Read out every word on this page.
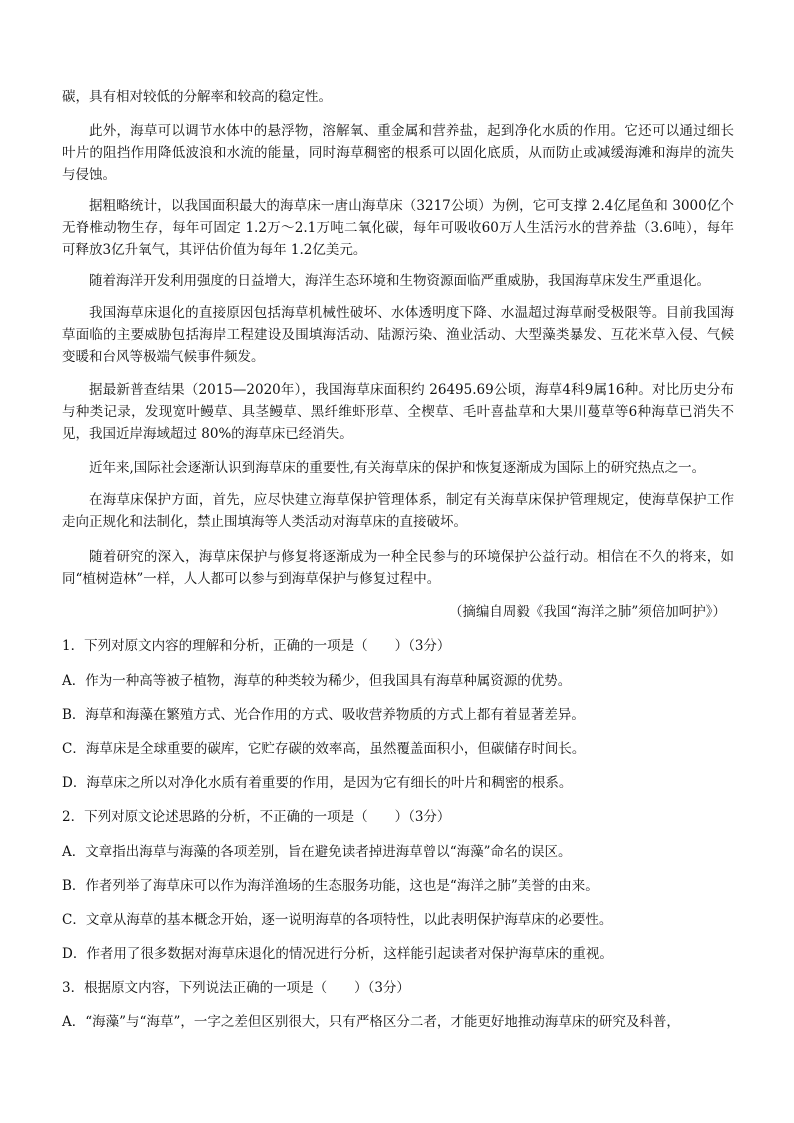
碳，具有相对较低的分解率和较高的稳定性。
此外，海草可以调节水体中的悬浮物，溶解氧、重金属和营养盐，起到净化水质的作用。它还可以通过细长叶片的阻挡作用降低波浪和水流的能量，同时海草稠密的根系可以固化底质，从而防止或减缓海滩和海岸的流失与侵蚀。
据粗略统计，以我国面积最大的海草床一唐山海草床（3217公顷）为例，它可支撑 2.4亿尾鱼和 3000亿个无脊椎动物生存，每年可固定 1.2万～2.1万吨二氧化碳，每年可吸收60万人生活污水的营养盐（3.6吨），每年可释放3亿升氧气，其评估价值为每年 1.2亿美元。
随着海洋开发利用强度的日益增大，海洋生态环境和生物资源面临严重威胁，我国海草床发生严重退化。
我国海草床退化的直接原因包括海草机械性破坏、水体透明度下降、水温超过海草耐受极限等。目前我国海草面临的主要威胁包括海岸工程建设及围填海活动、陆源污染、渔业活动、大型藻类暴发、互花米草入侵、气候变暖和台风等极端气候事件频发。
据最新普查结果（2015—2020年），我国海草床面积约 26495.69公顷，海草4科9属16种。对比历史分布与种类记录，发现宽叶鳗草、具茎鳗草、黑纤维虾形草、全楔草、毛叶喜盐草和大果川蔓草等6种海草已消失不见，我国近岸海域超过 80%的海草床已经消失。
近年来,国际社会逐渐认识到海草床的重要性,有关海草床的保护和恢复逐渐成为国际上的研究热点之一。
在海草床保护方面，首先，应尽快建立海草保护管理体系，制定有关海草床保护管理规定，使海草保护工作走向正规化和法制化，禁止围填海等人类活动对海草床的直接破坏。
随着研究的深入，海草床保护与修复将逐渐成为一种全民参与的环境保护公益行动。相信在不久的将来，如同“植树造林”一样，人人都可以参与到海草保护与修复过程中。
（摘编自周毅《我国“海洋之肺”须倍加呵护》）
1．下列对原文内容的理解和分析，正确的一项是（　　）（3分）
A．作为一种高等被子植物，海草的种类较为稀少，但我国具有海草种属资源的优势。
B．海草和海藻在繁殖方式、光合作用的方式、吸收营养物质的方式上都有着显著差异。
C．海草床是全球重要的碳库，它贮存碳的效率高，虽然覆盖面积小，但碳储存时间长。
D．海草床之所以对净化水质有着重要的作用，是因为它有细长的叶片和稠密的根系。
2．下列对原文论述思路的分析，不正确的一项是（　　）（3分）
A．文章指出海草与海藻的各项差别，旨在避免读者掉进海草曾以“海藻”命名的误区。
B．作者列举了海草床可以作为海洋渔场的生态服务功能，这也是“海洋之肺”美誉的由来。
C．文章从海草的基本概念开始，逐一说明海草的各项特性，以此表明保护海草床的必要性。
D．作者用了很多数据对海草床退化的情况进行分析，这样能引起读者对保护海草床的重视。
3．根据原文内容，下列说法正确的一项是（　　）（3分）
A．“海藻”与“海草”，一字之差但区别很大，只有严格区分二者，才能更好地推动海草床的研究及科普，
